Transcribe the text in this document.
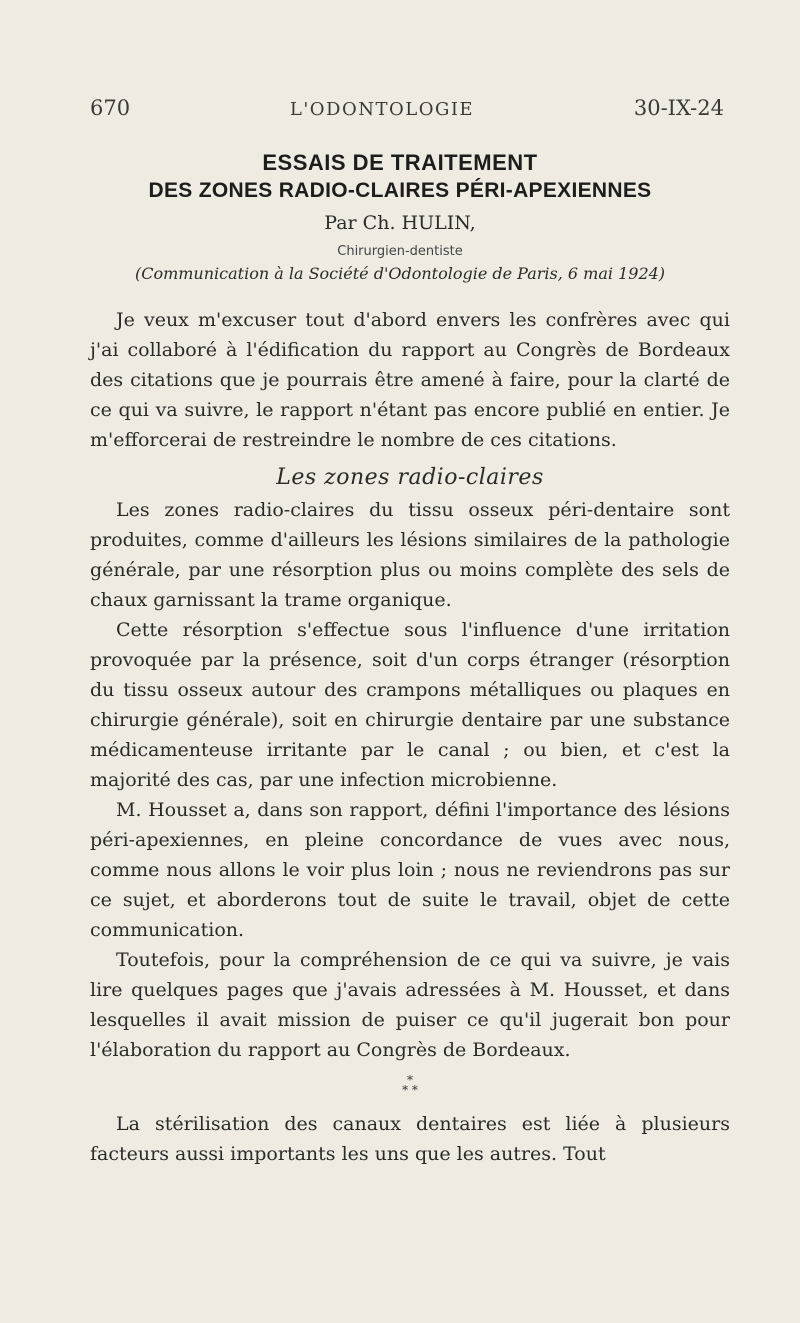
670	L'ODONTOLOGIE	30-IX-24
ESSAIS DE TRAITEMENT
DES ZONES RADIO-CLAIRES PÉRI-APEXIENNES
Par Ch. HULIN,
Chirurgien-dentiste
(Communication à la Société d'Odontologie de Paris, 6 mai 1924)

Je veux m'excuser tout d'abord envers les confrères avec qui j'ai collaboré à l'édification du rapport au Congrès de Bordeaux des citations que je pourrais être amené à faire, pour la clarté de ce qui va suivre, le rapport n'étant pas encore publié en entier. Je m'efforcerai de restreindre le nombre de ces citations.

Les zones radio-claires

Les zones radio-claires du tissu osseux péri-dentaire sont produites, comme d'ailleurs les lésions similaires de la pathologie générale, par une résorption plus ou moins complète des sels de chaux garnissant la trame organique.

Cette résorption s'effectue sous l'influence d'une irritation provoquée par la présence, soit d'un corps étranger (résorption du tissu osseux autour des crampons métalliques ou plaques en chirurgie générale), soit en chirurgie dentaire par une substance médicamenteuse irritante par le canal ; ou bien, et c'est la majorité des cas, par une infection microbienne.

M. Housset a, dans son rapport, défini l'importance des lésions péri-apexiennes, en pleine concordance de vues avec nous, comme nous allons le voir plus loin ; nous ne reviendrons pas sur ce sujet, et aborderons tout de suite le travail, objet de cette communication.

Toutefois, pour la compréhension de ce qui va suivre, je vais lire quelques pages que j'avais adressées à M. Housset, et dans lesquelles il avait mission de puiser ce qu'il jugerait bon pour l'élaboration du rapport au Congrès de Bordeaux.

*
* *

La stérilisation des canaux dentaires est liée à plusieurs facteurs aussi importants les uns que les autres. Tout
